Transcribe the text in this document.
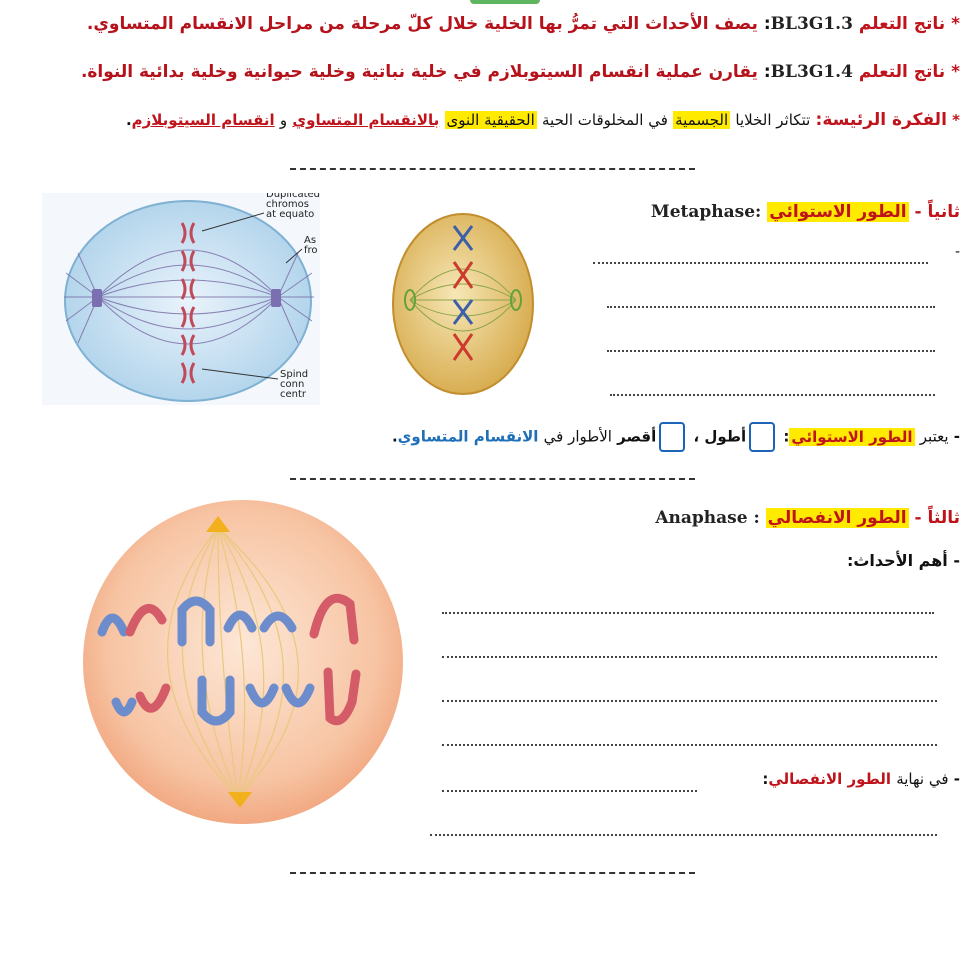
* ناتج التعلم BL3G1.3: يصف الأحداث التي تمرُّ بها الخلية خلال كلّ مرحلة من مراحل الانقسام المتساوي.
* ناتج التعلم BL3G1.4: يقارن عملية انقسام السيتوبلازم في خلية نباتية وخلية حيوانية وخلية بدائية النواة.
* الفكرة الرئيسة: تتكاثر الخلايا الجسمية في المخلوقات الحية الحقيقية النوى بالانقسام المتساوي و انقسام السيتوبلازم.
ثانياً - الطور الاستوائي Metaphase:
-
Duplicated
chromos
at equato
As
fro
Spind
conn
centr
- يعتبر الطور الاستوائي: أطول ، أقصر الأطوار في الانقسام المتساوي.
ثالثاً - الطور الانفصالي Anaphase :
- أهم الأحداث:
- في نهاية الطور الانفصالي:
